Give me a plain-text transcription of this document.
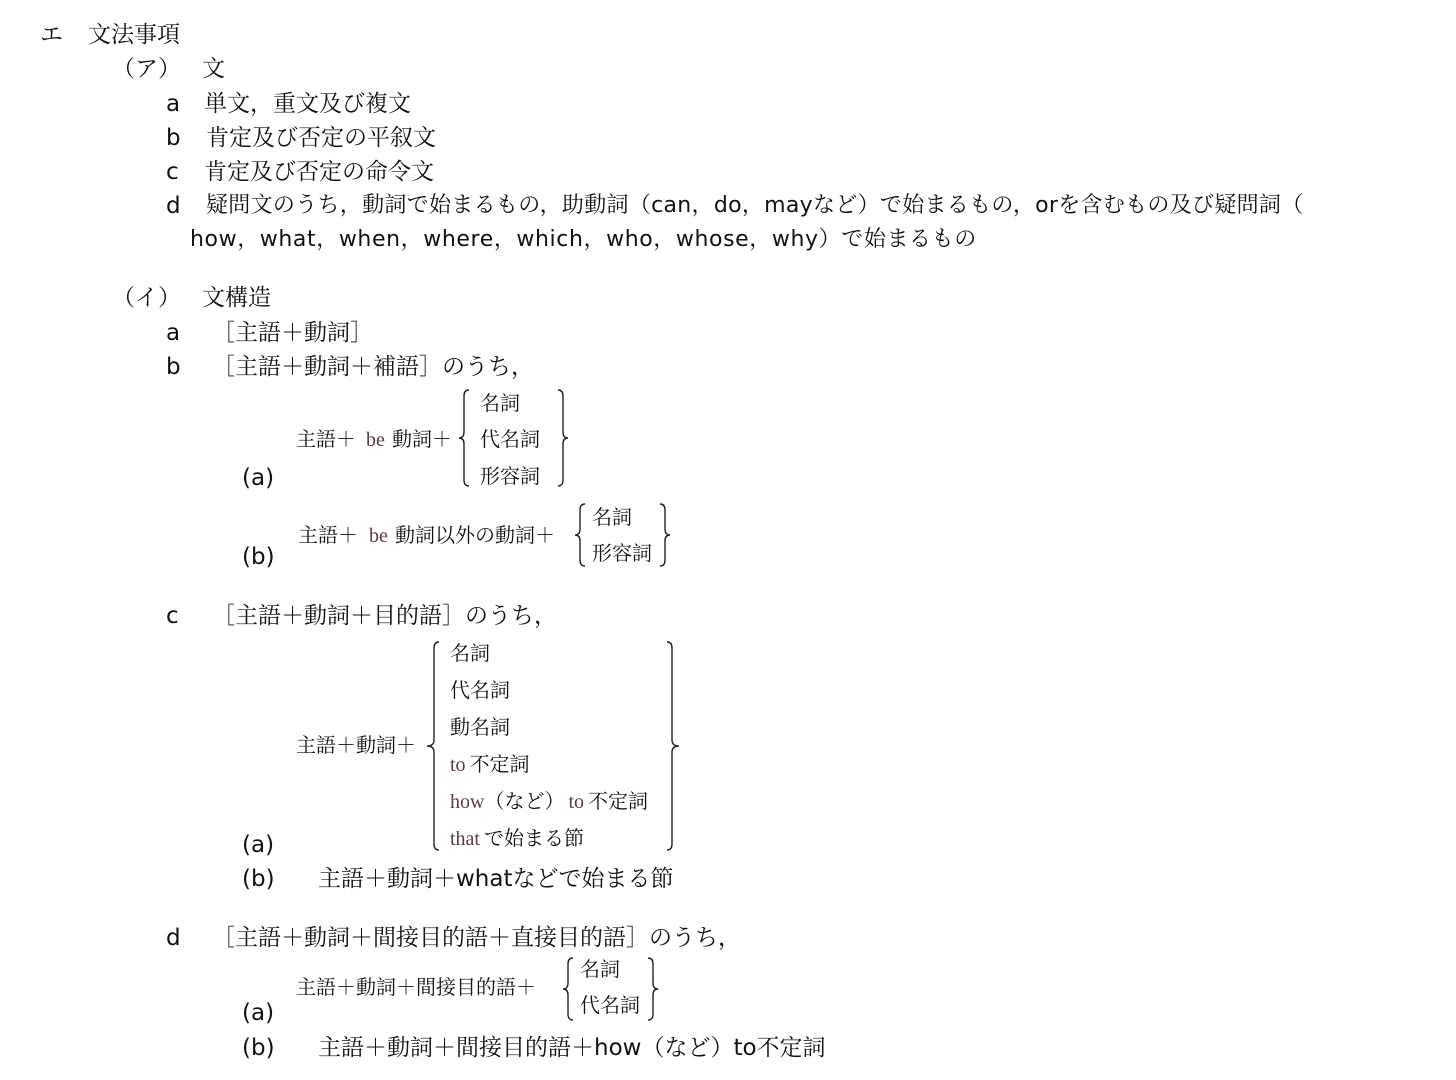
エ 文法事項
（ア） 文
a 単文，重文及び複文
b 肯定及び否定の平叙文
c 肯定及び否定の命令文
d 疑問文のうち，動詞で始まるもの，助動詞（can，do，mayなど）で始まるもの，orを含むもの及び疑問詞（
how，what，when，where，which，who，whose，why）で始まるもの
（イ） 文構造
a ［主語＋動詞］
b ［主語＋動詞＋補語］のうち，
主語＋ be 動詞＋
名詞
代名詞
形容詞
(a)
主語＋ be 動詞以外の動詞＋
名詞
形容詞
(b)
c ［主語＋動詞＋目的語］のうち，
主語＋動詞＋
名詞
代名詞
動名詞
to 不定詞
how（など） to 不定詞
that で始まる節
(a)
(b) 主語＋動詞＋whatなどで始まる節
d ［主語＋動詞＋間接目的語＋直接目的語］のうち，
主語＋動詞＋間接目的語＋
名詞
代名詞
(a)
(b) 主語＋動詞＋間接目的語＋how（など）to不定詞
